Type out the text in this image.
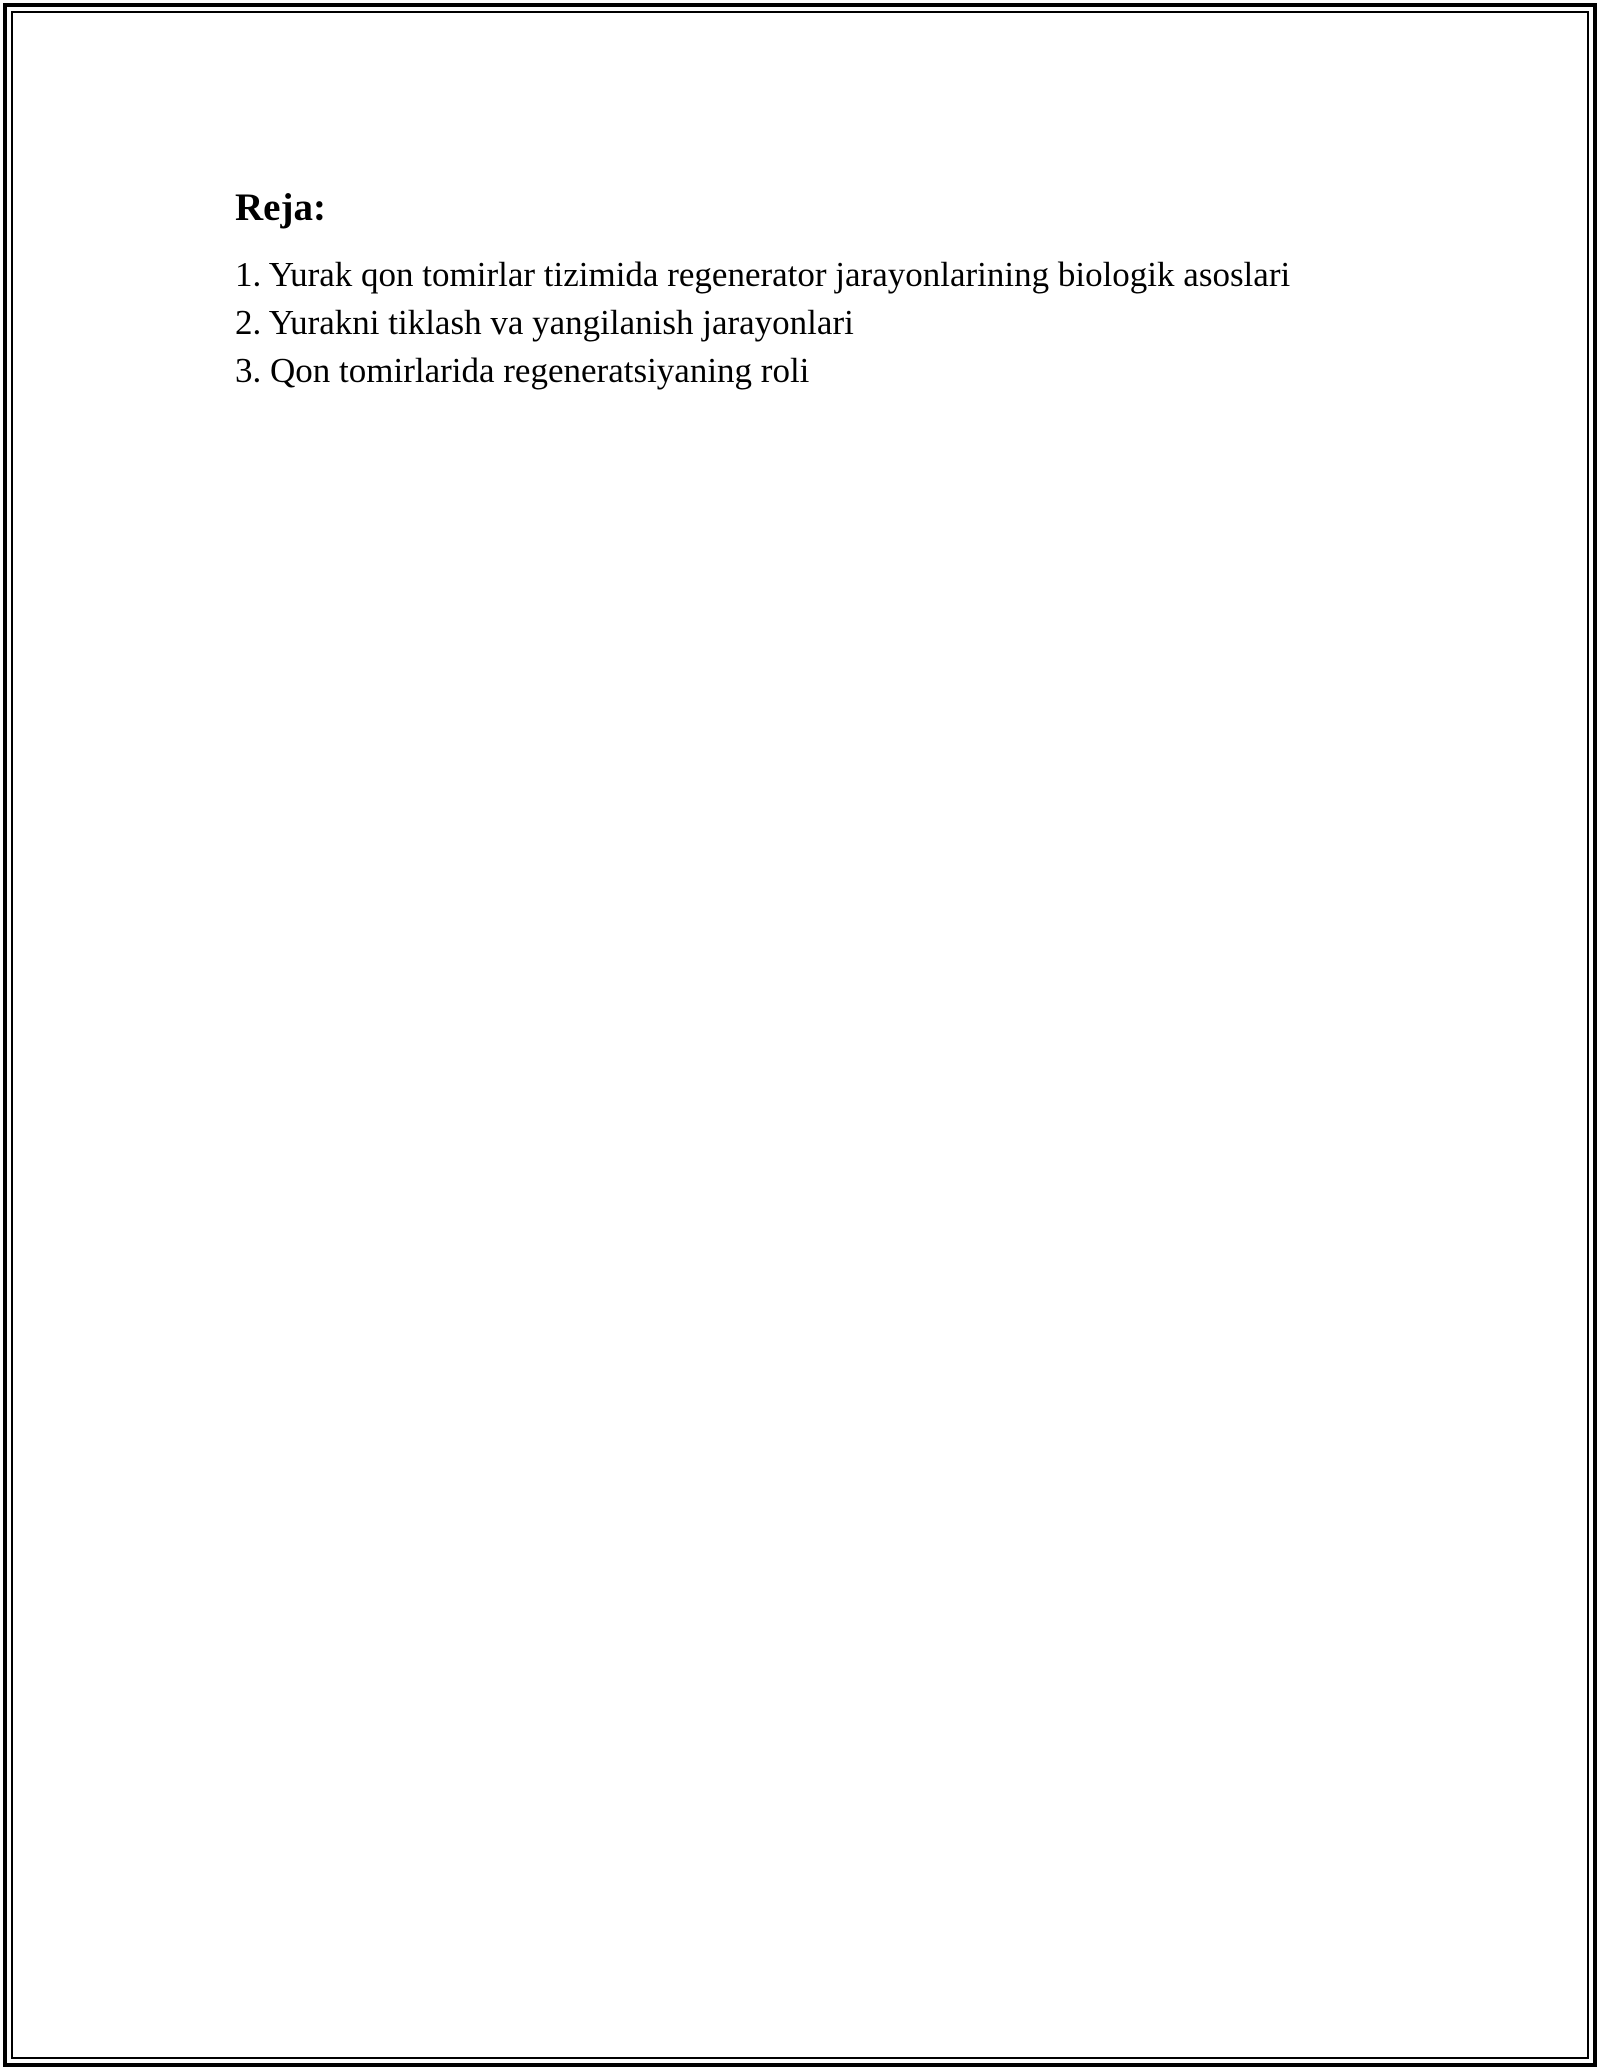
Reja:
1. Yurak qon tomirlar tizimida regenerator jarayonlarining biologik asoslari
2. Yurakni tiklash va yangilanish jarayonlari
3. Qon tomirlarida regeneratsiyaning roli
